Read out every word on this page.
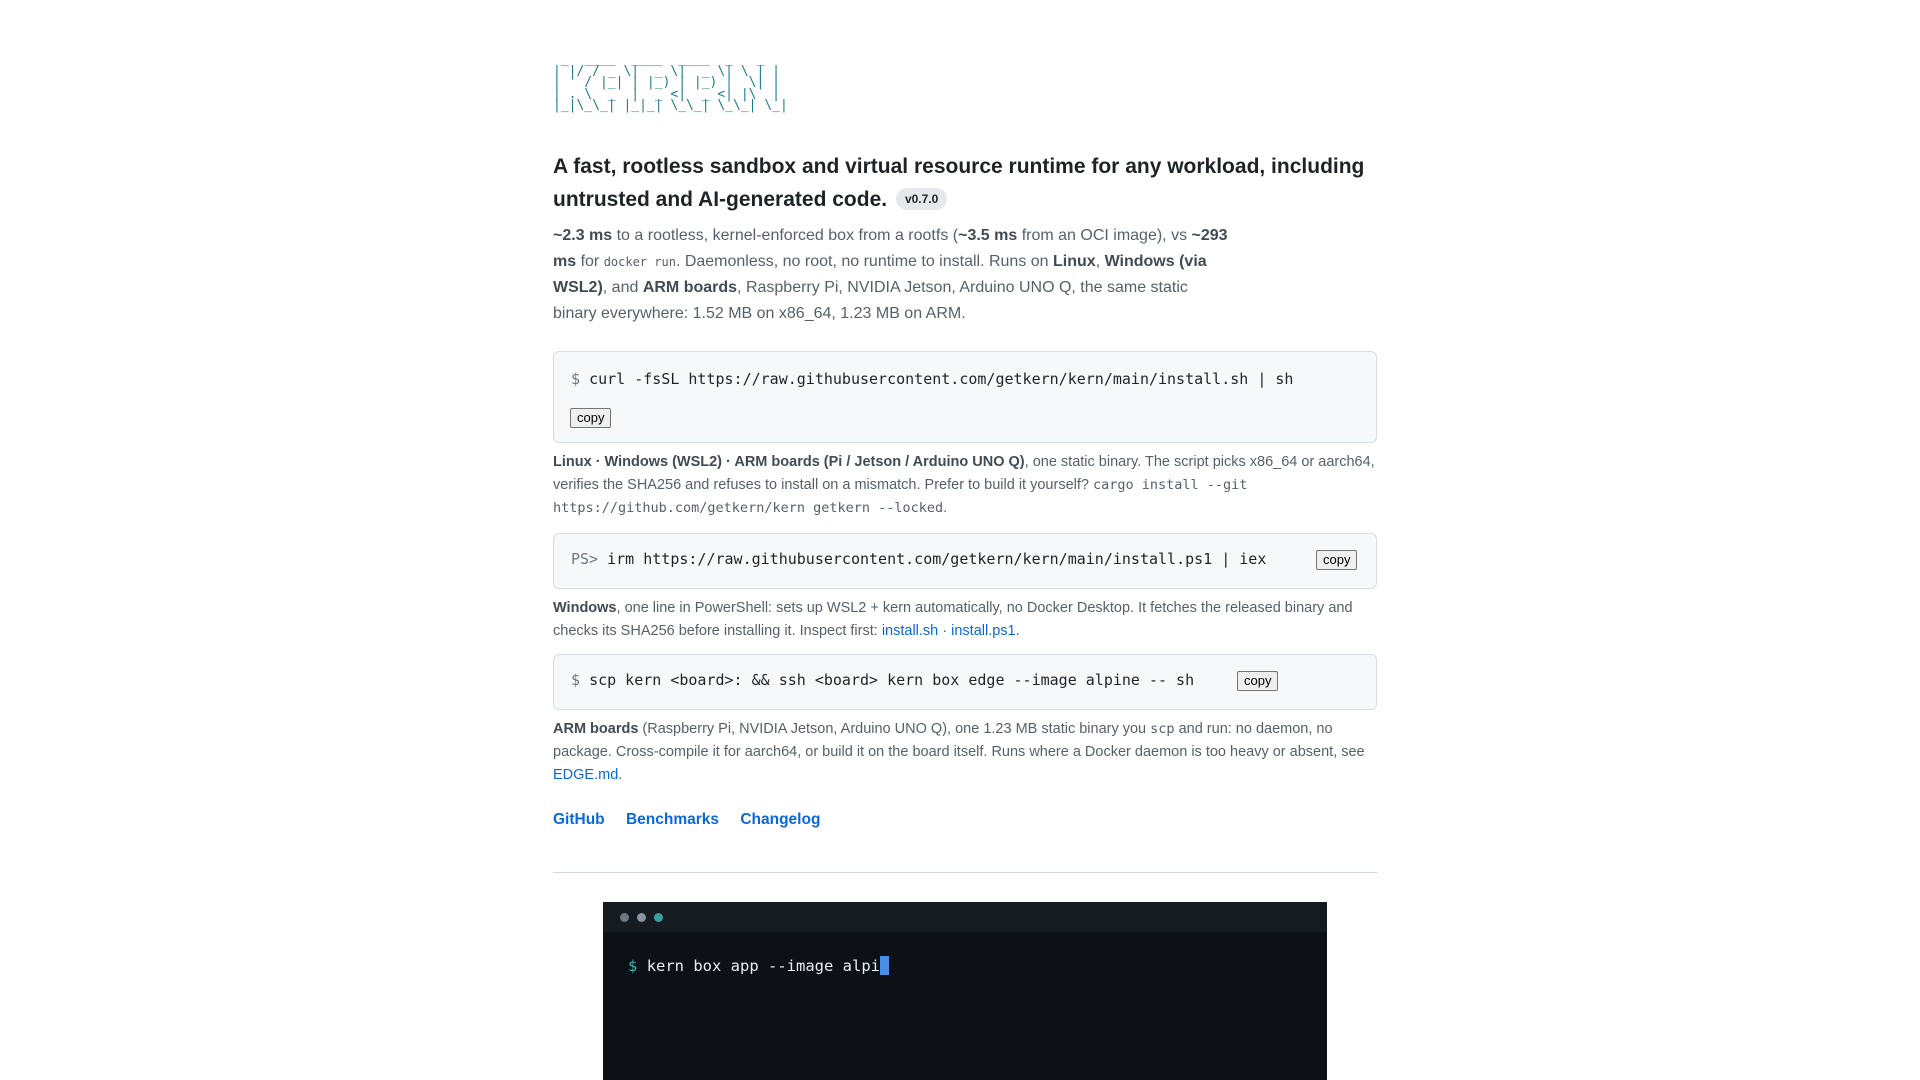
_  ____  ____  ____  _   _
| |/ / _ \|  _ \|  _ \| \ | |
| ' / |_| | |_) | |_) |  \| |
| . \  _  |  _ <|  _ <| |\  |
|_|\_\_| |_|_| \_\_| \_\_| \_|
A fast, rootless sandbox and virtual resource runtime for any workload, including untrusted and AI-generated code. v0.7.0

~2.3 ms to a rootless, kernel-enforced box from a rootfs (~3.5 ms from an OCI image), vs ~293 ms for docker run. Daemonless, no root, no runtime to install. Runs on Linux, Windows (via WSL2), and ARM boards, Raspberry Pi, NVIDIA Jetson, Arduino UNO Q, the same static binary everywhere: 1.52 MB on x86_64, 1.23 MB on ARM.

$ curl -fsSL https://raw.githubusercontent.com/getkern/kern/main/install.sh | sh
copy

Linux · Windows (WSL2) · ARM boards (Pi / Jetson / Arduino UNO Q), one static binary. The script picks x86_64 or aarch64, verifies the SHA256 and refuses to install on a mismatch. Prefer to build it yourself? cargo install --git https://github.com/getkern/kern getkern --locked.

PS> irm https://raw.githubusercontent.com/getkern/kern/main/install.ps1 | iex	copy

Windows, one line in PowerShell: sets up WSL2 + kern automatically, no Docker Desktop. It fetches the released binary and checks its SHA256 before installing it. Inspect first: install.sh · install.ps1.

$ scp kern <board>: && ssh <board> kern box edge --image alpine -- sh	copy

ARM boards (Raspberry Pi, NVIDIA Jetson, Arduino UNO Q), one 1.23 MB static binary you scp and run: no daemon, no package. Cross-compile it for aarch64, or build it on the board itself. Runs where a Docker daemon is too heavy or absent, see EDGE.md.

GitHub Benchmarks Changelog
$ kern box app --image alpi
